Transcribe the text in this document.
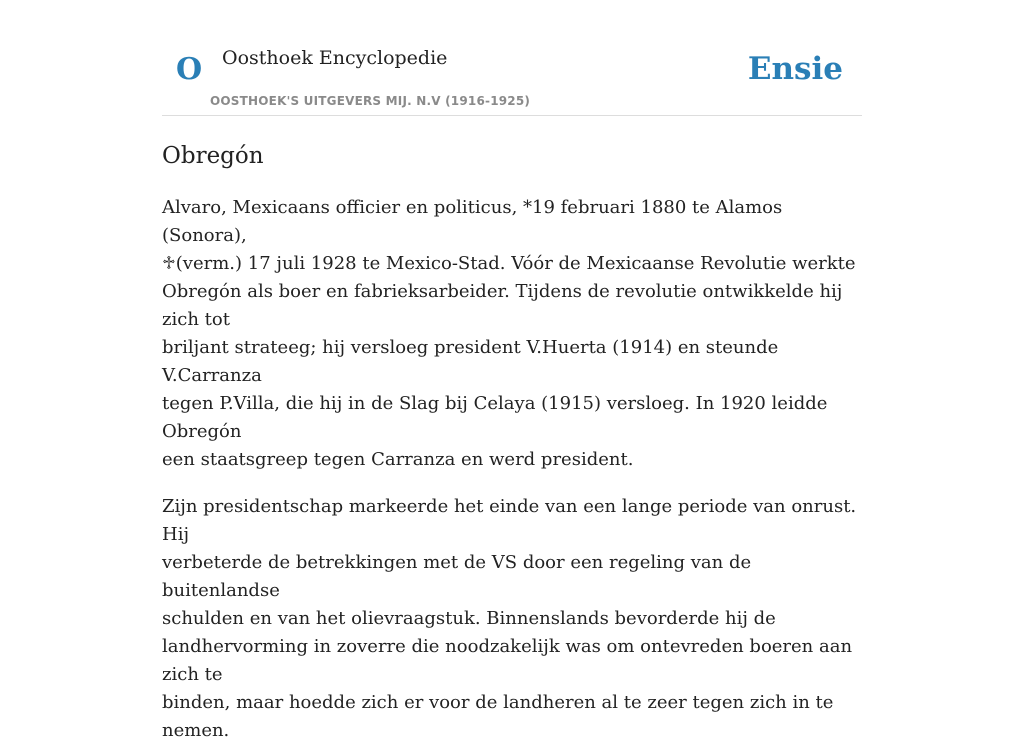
O Oosthoek Encyclopedie
OOSTHOEK'S UITGEVERS MIJ. N.V (1916-1925)
Ensie
Obregón

Alvaro, Mexicaans officier en politicus, *19 februari 1880 te Alamos (Sonora),
♱(verm.) 17 juli 1928 te Mexico-Stad. Vóór de Mexicaanse Revolutie werkte
Obregón als boer en fabrieksarbeider. Tijdens de revolutie ontwikkelde hij zich tot
briljant strateeg; hij versloeg president V.Huerta (1914) en steunde V.Carranza
tegen P.Villa, die hij in de Slag bij Celaya (1915) versloeg. In 1920 leidde Obregón
een staatsgreep tegen Carranza en werd president.

Zijn presidentschap markeerde het einde van een lange periode van onrust. Hij
verbeterde de betrekkingen met de VS door een regeling van de buitenlandse
schulden en van het olievraagstuk. Binnenslands bevorderde hij de
landhervorming in zoverre die noodzakelijk was om ontevreden boeren aan zich te
binden, maar hoedde zich er voor de landheren al te zeer tegen zich in te nemen.
